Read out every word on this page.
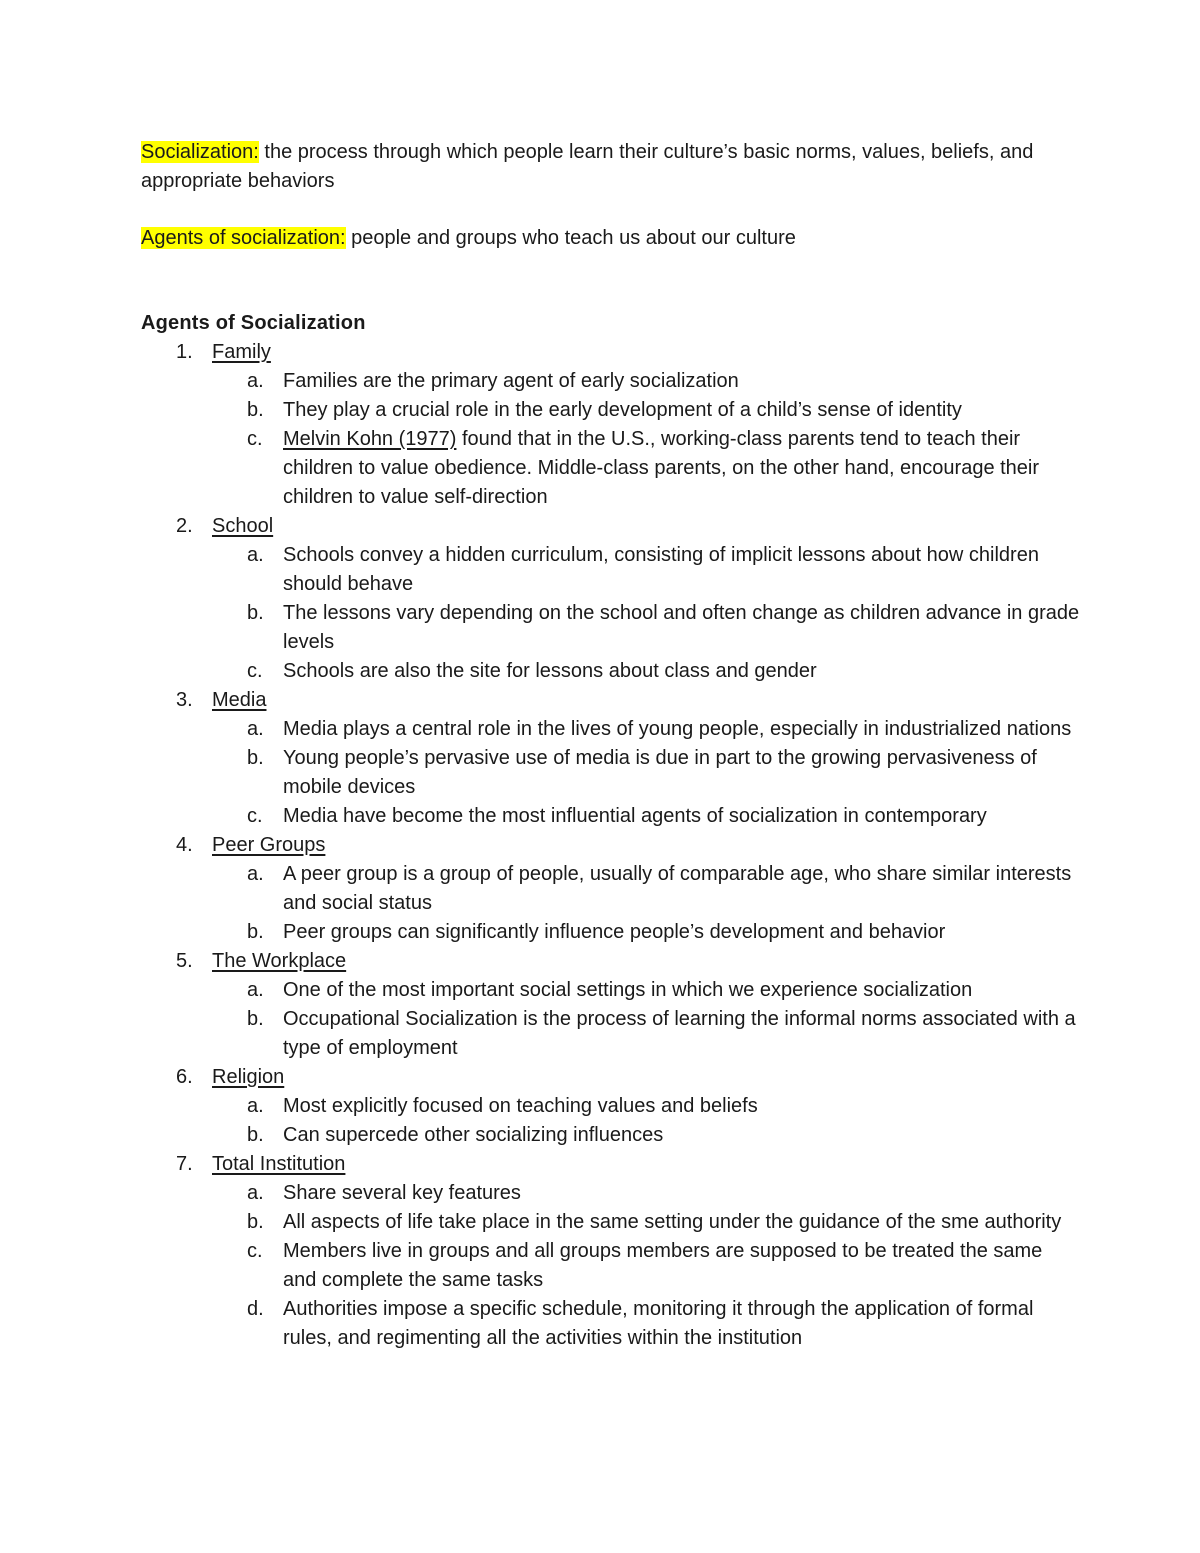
Socialization: the process through which people learn their culture’s basic norms, values, beliefs, and appropriate behaviors

Agents of socialization: people and groups who teach us about our culture

Agents of Socialization
1. Family
a. Families are the primary agent of early socialization
b. They play a crucial role in the early development of a child’s sense of identity
c. Melvin Kohn (1977) found that in the U.S., working-class parents tend to teach their children to value obedience. Middle-class parents, on the other hand, encourage their children to value self-direction
2. School
a. Schools convey a hidden curriculum, consisting of implicit lessons about how children should behave
b. The lessons vary depending on the school and often change as children advance in grade levels
c. Schools are also the site for lessons about class and gender
3. Media
a. Media plays a central role in the lives of young people, especially in industrialized nations
b. Young people’s pervasive use of media is due in part to the growing pervasiveness of mobile devices
c. Media have become the most influential agents of socialization in contemporary
4. Peer Groups
a. A peer group is a group of people, usually of comparable age, who share similar interests and social status
b. Peer groups can significantly influence people’s development and behavior
5. The Workplace
a. One of the most important social settings in which we experience socialization
b. Occupational Socialization is the process of learning the informal norms associated with a type of employment
6. Religion
a. Most explicitly focused on teaching values and beliefs
b. Can supercede other socializing influences
7. Total Institution
a. Share several key features
b. All aspects of life take place in the same setting under the guidance of the sme authority
c. Members live in groups and all groups members are supposed to be treated the same and complete the same tasks
d. Authorities impose a specific schedule, monitoring it through the application of formal rules, and regimenting all the activities within the institution
